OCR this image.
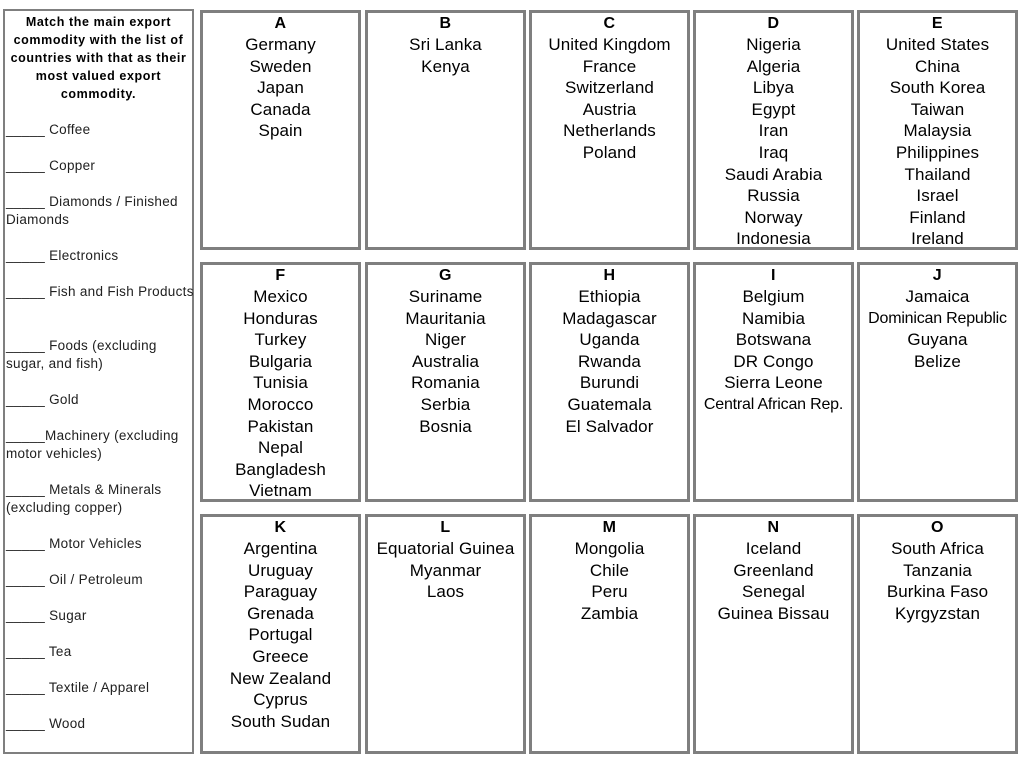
Match the main export commodity with the list of countries with that as their most valued export commodity.

_____ Coffee
_____ Copper
_____ Diamonds / Finished Diamonds
_____ Electronics
_____ Fish and Fish Products
_____ Foods (excluding sugar, and fish)
_____ Gold
_____Machinery (excluding motor vehicles)
_____ Metals & Minerals (excluding copper)
_____ Motor Vehicles
_____ Oil / Petroleum
_____ Sugar
_____ Tea
_____ Textile / Apparel
_____ Wood
A
Germany
Sweden
Japan
Canada
Spain
B
Sri Lanka
Kenya
C
United Kingdom
France
Switzerland
Austria
Netherlands
Poland
D
Nigeria
Algeria
Libya
Egypt
Iran
Iraq
Saudi Arabia
Russia
Norway
Indonesia
E
United States
China
South Korea
Taiwan
Malaysia
Philippines
Thailand
Israel
Finland
Ireland
F
Mexico
Honduras
Turkey
Bulgaria
Tunisia
Morocco
Pakistan
Nepal
Bangladesh
Vietnam
G
Suriname
Mauritania
Niger
Australia
Romania
Serbia
Bosnia
H
Ethiopia
Madagascar
Uganda
Rwanda
Burundi
Guatemala
El Salvador
I
Belgium
Namibia
Botswana
DR Congo
Sierra Leone
Central African Rep.
J
Jamaica
Dominican Republic
Guyana
Belize
K
Argentina
Uruguay
Paraguay
Grenada
Portugal
Greece
New Zealand
Cyprus
South Sudan
L
Equatorial Guinea
Myanmar
Laos
M
Mongolia
Chile
Peru
Zambia
N
Iceland
Greenland
Senegal
Guinea Bissau
O
South Africa
Tanzania
Burkina Faso
Kyrgyzstan
